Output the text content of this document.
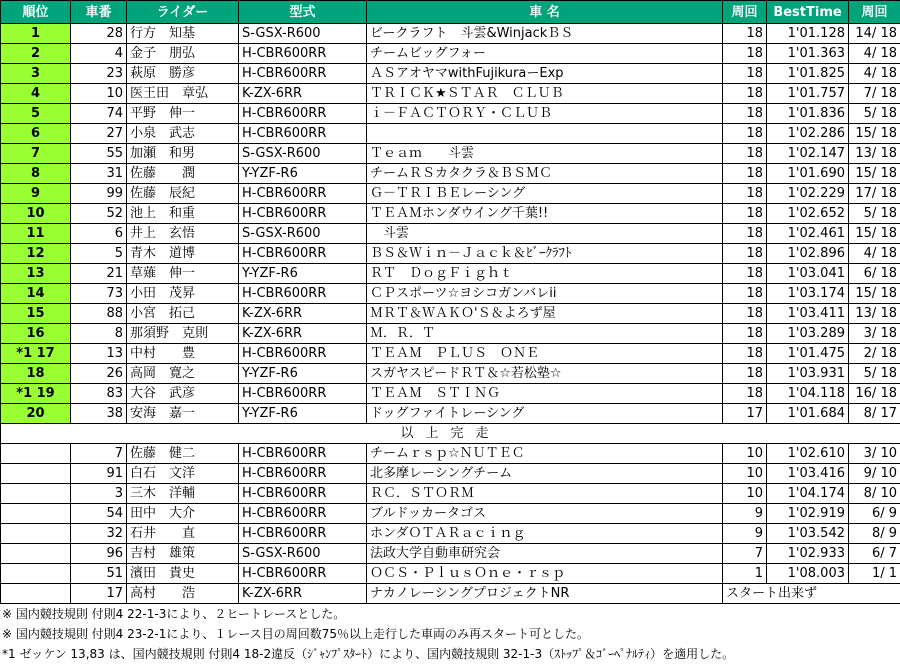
順位	車番	ライダー	型式	車 名	周回	BestTime	周回
1	28	行方　知基	S-GSX-R600	ビークラフト　斗雲&WinjackＢＳ	18	1'01.128	14/ 18
2	4	金子　朋弘	H-CBR600RR	チームビッグフォー	18	1'01.363	4/ 18
3	23	萩原　勝彦	H-CBR600RR	ＡＳアオヤマwithFujikuraーExp	18	1'01.825	4/ 18
4	10	医王田　章弘	K-ZX-6RR	ＴＲＩＣＫ★ＳＴＡＲ　ＣＬＵＢ	18	1'01.757	7/ 18
5	74	平野　伸一	H-CBR600RR	ｉ－ＦＡＣＴＯＲＹ・ＣＬＵＢ	18	1'01.836	5/ 18
6	27	小泉　武志	H-CBR600RR		18	1'02.286	15/ 18
7	55	加瀬　和男	S-GSX-R600	Ｔｅａｍ　　斗雲	18	1'02.147	13/ 18
8	31	佐藤　　潤	Y-YZF-R6	チームＲＳカタクラ＆ＢＳＭＣ	18	1'01.690	15/ 18
9	99	佐藤　辰紀	H-CBR600RR	Ｇ－ＴＲＩＢＥレーシング	18	1'02.229	17/ 18
10	52	池上　和重	H-CBR600RR	ＴＥＡＭホンダウイング千葉!!	18	1'02.652	5/ 18
11	6	井上　玄悟	S-GSX-R600	　斗雲	18	1'02.461	15/ 18
12	5	青木　道博	H-CBR600RR	ＢＳ＆Ｗｉｎ－Ｊａｃｋ＆ﾋﾞｰｸﾗﾌﾄ	18	1'02.896	4/ 18
13	21	草薙　伸一	Y-YZF-R6	ＲＴ　ＤｏｇＦｉｇｈｔ	18	1'03.041	6/ 18
14	73	小田　茂昇	H-CBR600RR	ＣＰスポーツ☆ヨシコガンバレii	18	1'03.174	15/ 18
15	88	小宮　拓己	K-ZX-6RR	ＭＲＴ＆ＷＡＫＯ'Ｓ＆よろず屋	18	1'03.411	13/ 18
16	8	那須野　克則	K-ZX-6RR	Ｍ．Ｒ．Ｔ	18	1'03.289	3/ 18
*1 17	13	中村　　豊	H-CBR600RR	ＴＥＡＭ　ＰＬＵＳ　ＯＮＥ	18	1'01.475	2/ 18
18	26	高岡　寛之	Y-YZF-R6	スガヤスピードＲＴ＆☆若松塾☆	18	1'03.931	5/ 18
*1 19	83	大谷　武彦	H-CBR600RR	ＴＥＡＭ　ＳＴＩＮＧ	18	1'04.118	16/ 18
20	38	安海　嘉一	Y-YZF-R6	ドッグファイトレーシング	17	1'01.684	8/ 17
以上完走							
	7	佐藤　健二	H-CBR600RR	チームｒｓｐ☆ＮＵＴＥＣ	10	1'02.610	3/ 10
	91	白石　文洋	H-CBR600RR	北多摩レーシングチーム	10	1'03.416	9/ 10
	3	三木　洋輔	H-CBR600RR	ＲＣ．ＳＴＯＲＭ	10	1'04.174	8/ 10
	54	田中　大介	H-CBR600RR	ブルドッカータゴス	9	1'02.919	6/ 9
	32	石井　　直	H-CBR600RR	ホンダＯＴＡＲａｃｉｎｇ	9	1'03.542	8/ 9
	96	吉村　雄策	S-GSX-R600	法政大学自動車研究会	7	1'02.933	6/ 7
	51	濱田　貴史	H-CBR600RR	ＯＣＳ・ＰｌｕｓＯｎｅ・ｒｓｐ	1	1'08.003	1/ 1
	17	高村　　浩	K-ZX-6RR	ナカノレーシングプロジェクトNR	スタート出来ず		
※ 国内競技規則 付則4 22-1-3により、２ヒートレースとした。
※ 国内競技規則 付則4 23-2-1により、１レース目の周回数75％以上走行した車両のみ再スタート可とした。
*1 ゼッケン 13,83 は、国内競技規則 付則4 18-2違反（ｼﾞｬﾝﾌﾟｽﾀｰﾄ）により、国内競技規則 32-1-3（ｽﾄｯﾌﾟ＆ｺﾞｰﾍﾟﾅﾙﾃｨ）を適用した。
